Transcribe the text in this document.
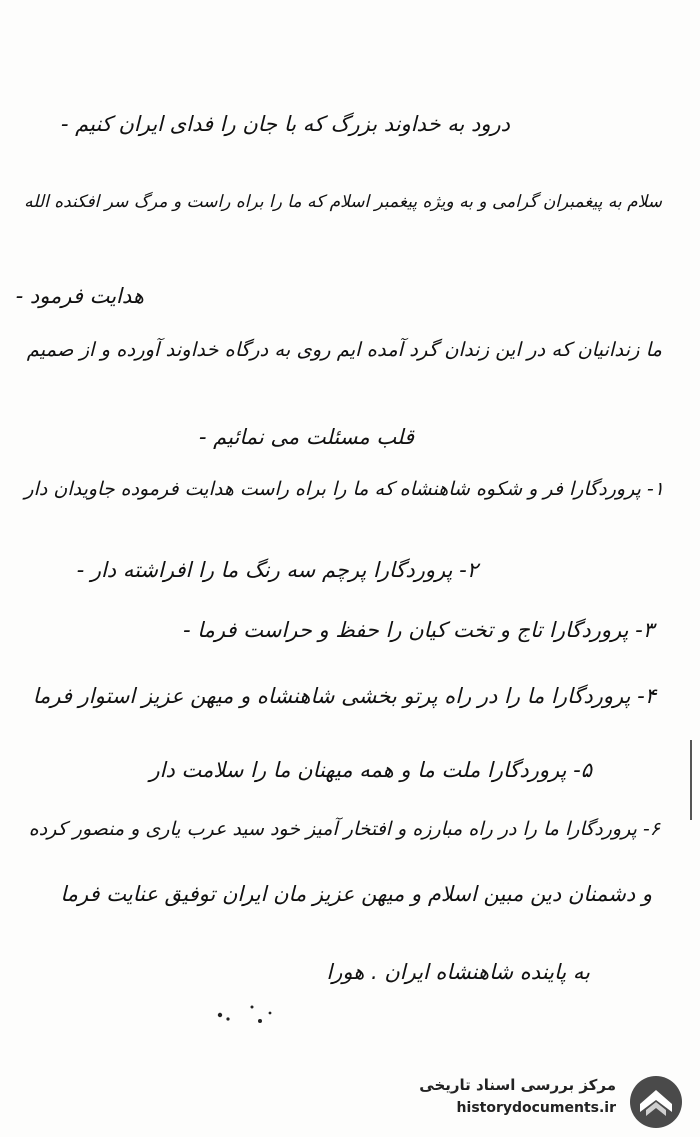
درود به خداوند بزرگ که با جان را فدای ایران کنیم -
سلام به پیغمبران گرامی و به ویژه پیغمبر اسلام که ما را براه راست و مرگ سر افکنده الله
هدایت فرمود -
ما زندانیان که در این زندان گرد آمده ایم روی به درگاه خداوند آورده و از صمیم
قلب مسئلت می نمائیم -
۱- پروردگارا فر و شکوه شاهنشاه که ما را براه راست هدایت فرموده جاویدان دار
۲- پروردگارا پرچم سه رنگ ما را افراشته دار -
۳- پروردگارا تاج و تخت کیان را حفظ و حراست فرما -
۴- پروردگارا ما را در راه پرتو بخشی شاهنشاه و میهن عزیز استوار فرما
۵- پروردگارا ملت ما و همه میهنان ما را سلامت دار
۶- پروردگارا ما را در راه مبارزه و افتخار آمیز خود سید عرب یاری و منصور کرده
و دشمنان دین مبین اسلام و میهن عزیز مان ایران توفیق عنایت فرما
به پاینده شاهنشاه ایران . هورا
مرکز بررسی اسناد تاریخی
historydocuments.ir
